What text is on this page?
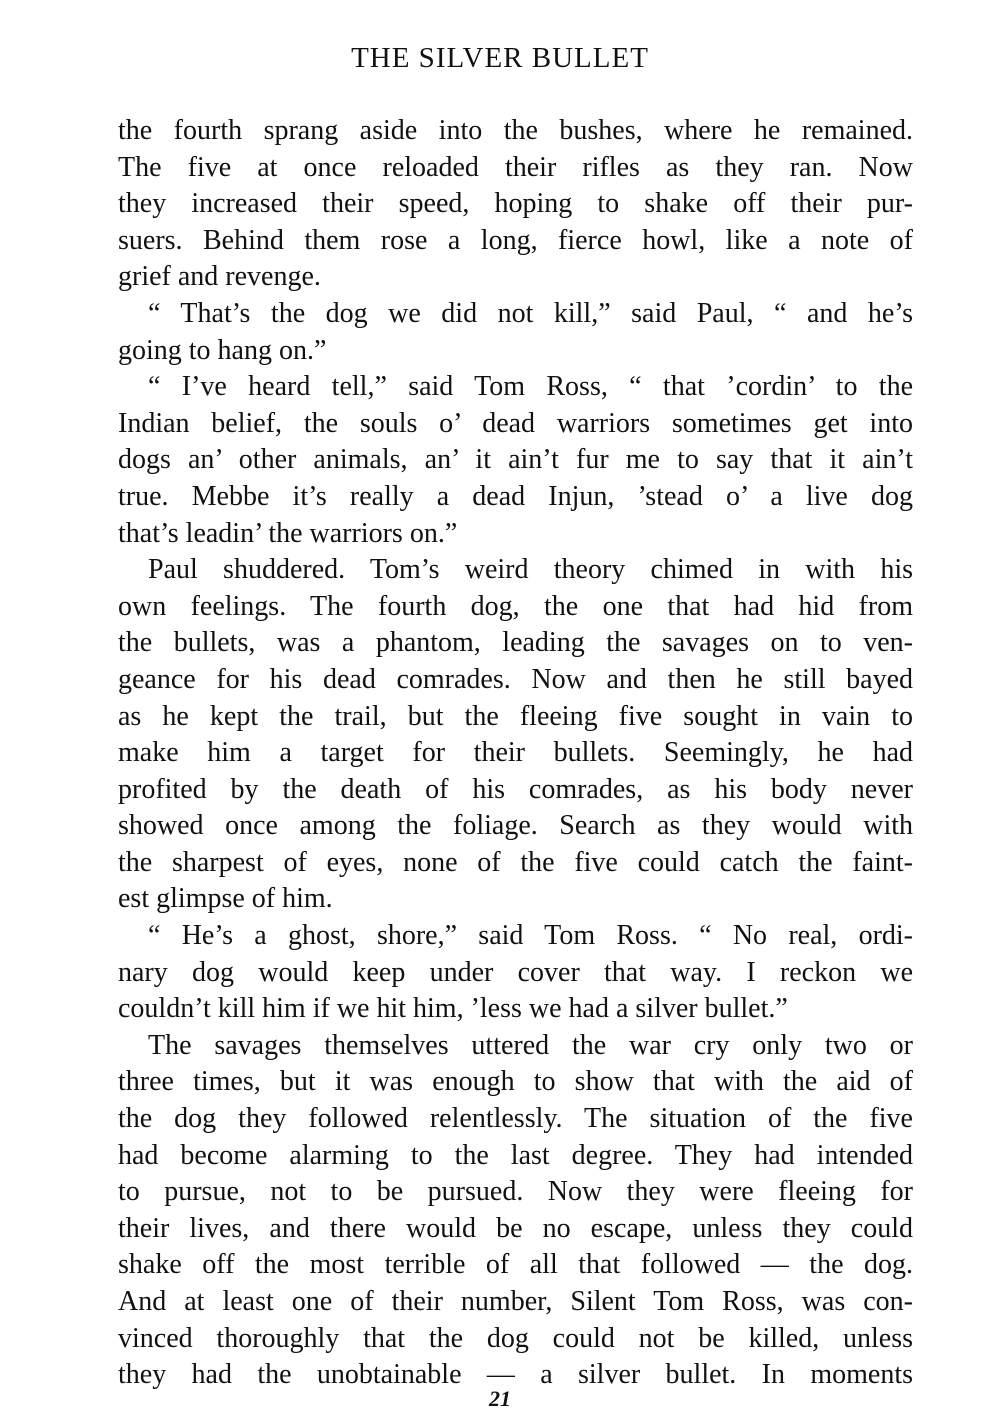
THE SILVER BULLET
the fourth sprang aside into the bushes, where he remained.
The five at once reloaded their rifles as they ran. Now
they increased their speed, hoping to shake off their pur-
suers. Behind them rose a long, fierce howl, like a note of
grief and revenge.
“ That’s the dog we did not kill,” said Paul, “ and he’s
going to hang on.”
“ I’ve heard tell,” said Tom Ross, “ that ’cordin’ to the
Indian belief, the souls o’ dead warriors sometimes get into
dogs an’ other animals, an’ it ain’t fur me to say that it ain’t
true. Mebbe it’s really a dead Injun, ’stead o’ a live dog
that’s leadin’ the warriors on.”
Paul shuddered. Tom’s weird theory chimed in with his
own feelings. The fourth dog, the one that had hid from
the bullets, was a phantom, leading the savages on to ven-
geance for his dead comrades. Now and then he still bayed
as he kept the trail, but the fleeing five sought in vain to
make him a target for their bullets. Seemingly, he had
profited by the death of his comrades, as his body never
showed once among the foliage. Search as they would with
the sharpest of eyes, none of the five could catch the faint-
est glimpse of him.
“ He’s a ghost, shore,” said Tom Ross. “ No real, ordi-
nary dog would keep under cover that way. I reckon we
couldn’t kill him if we hit him, ’less we had a silver bullet.”
The savages themselves uttered the war cry only two or
three times, but it was enough to show that with the aid of
the dog they followed relentlessly. The situation of the five
had become alarming to the last degree. They had intended
to pursue, not to be pursued. Now they were fleeing for
their lives, and there would be no escape, unless they could
shake off the most terrible of all that followed — the dog.
And at least one of their number, Silent Tom Ross, was con-
vinced thoroughly that the dog could not be killed, unless
they had the unobtainable — a silver bullet. In moments
21
